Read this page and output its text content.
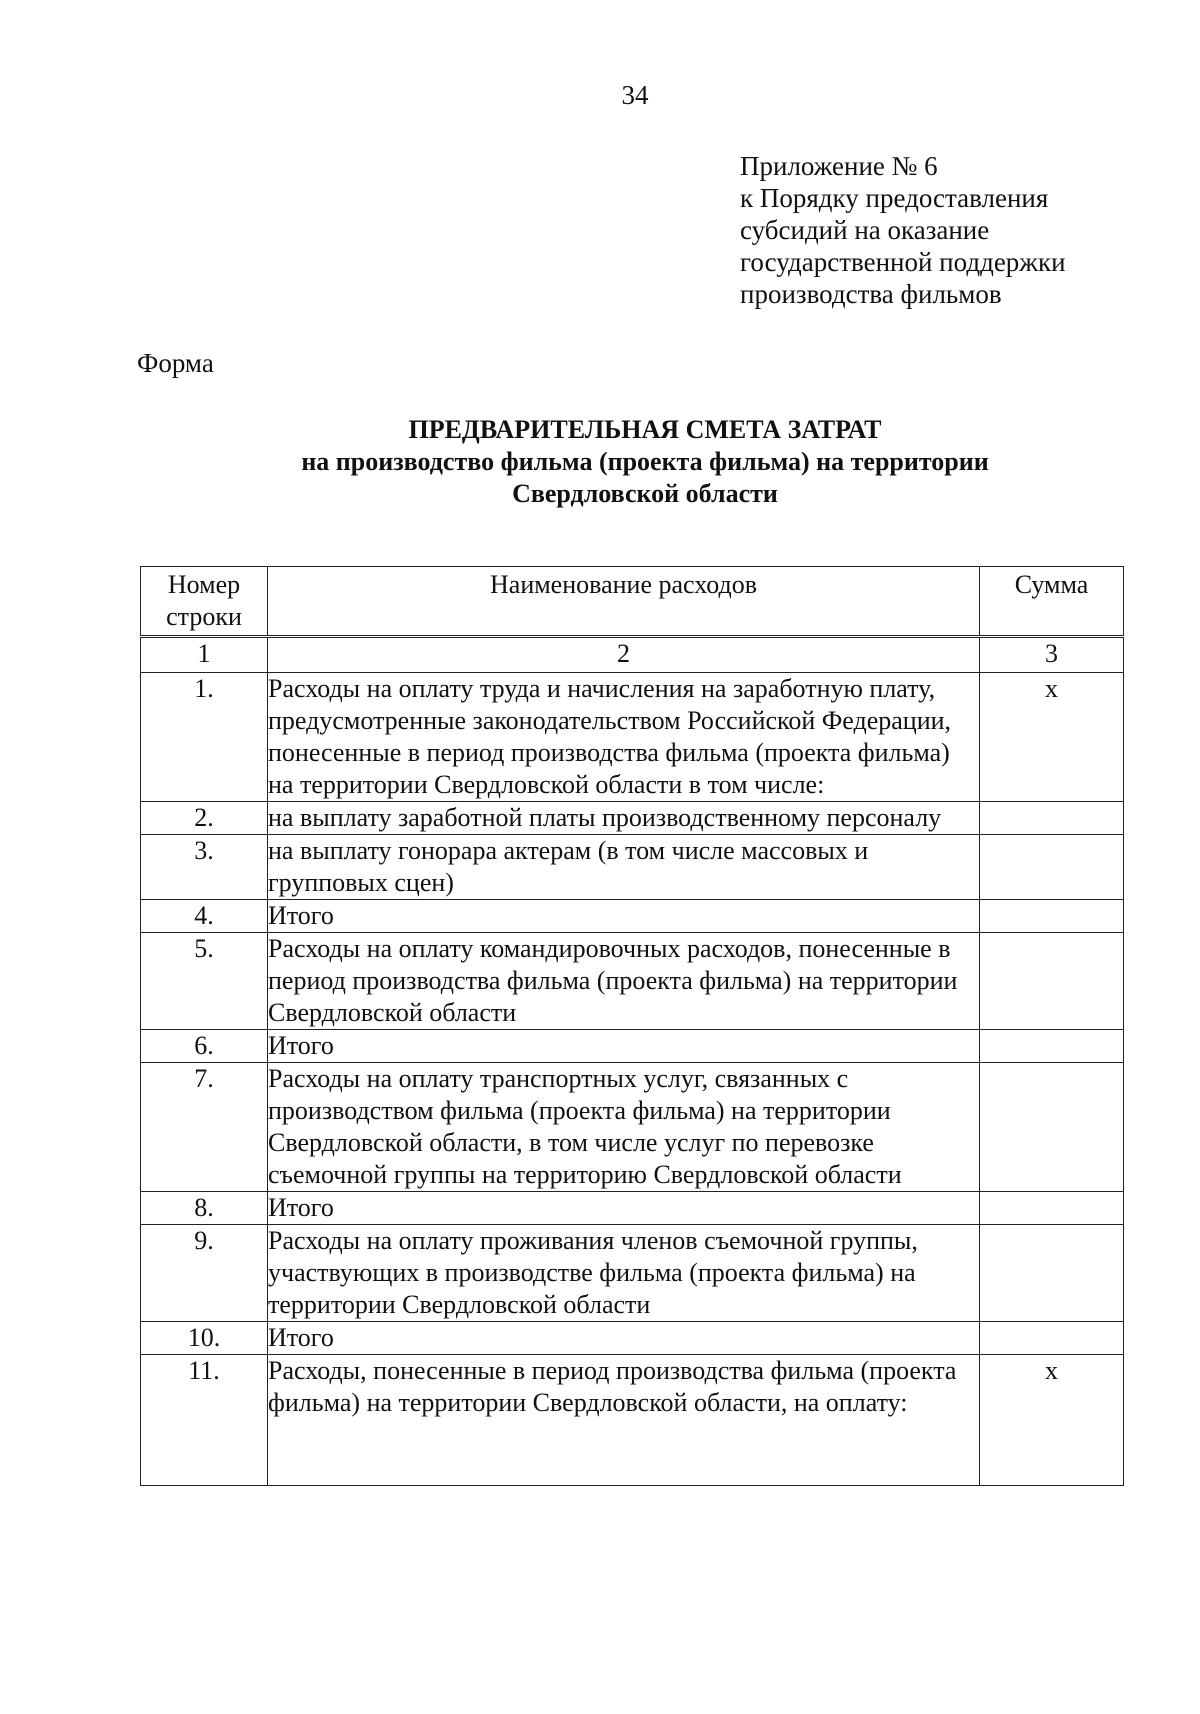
34
Приложение № 6
к Порядку предоставления
субсидий на оказание
государственной поддержки
производства фильмов
Форма
ПРЕДВАРИТЕЛЬНАЯ СМЕТА ЗАТРАТ
на производство фильма (проекта фильма) на территории
Свердловской области
Номер строки	Наименование расходов	Сумма
1	2	3
1.	Расходы на оплату труда и начисления на заработную плату, предусмотренные законодательством Российской Федерации, понесенные в период производства фильма (проекта фильма) на территории Свердловской области в том числе:	x
2.	на выплату заработной платы производственному персоналу	
3.	на выплату гонорара актерам (в том числе массовых и групповых сцен)	
4.	Итого	
5.	Расходы на оплату командировочных расходов, понесенные в период производства фильма (проекта фильма) на территории Свердловской области	
6.	Итого	
7.	Расходы на оплату транспортных услуг, связанных с производством фильма (проекта фильма) на территории Свердловской области, в том числе услуг по перевозке съемочной группы на территорию Свердловской области	
8.	Итого	
9.	Расходы на оплату проживания членов съемочной группы, участвующих в производстве фильма (проекта фильма) на территории Свердловской области	
10.	Итого	
11.	Расходы, понесенные в период производства фильма (проекта фильма) на территории Свердловской области, на оплату:	x
